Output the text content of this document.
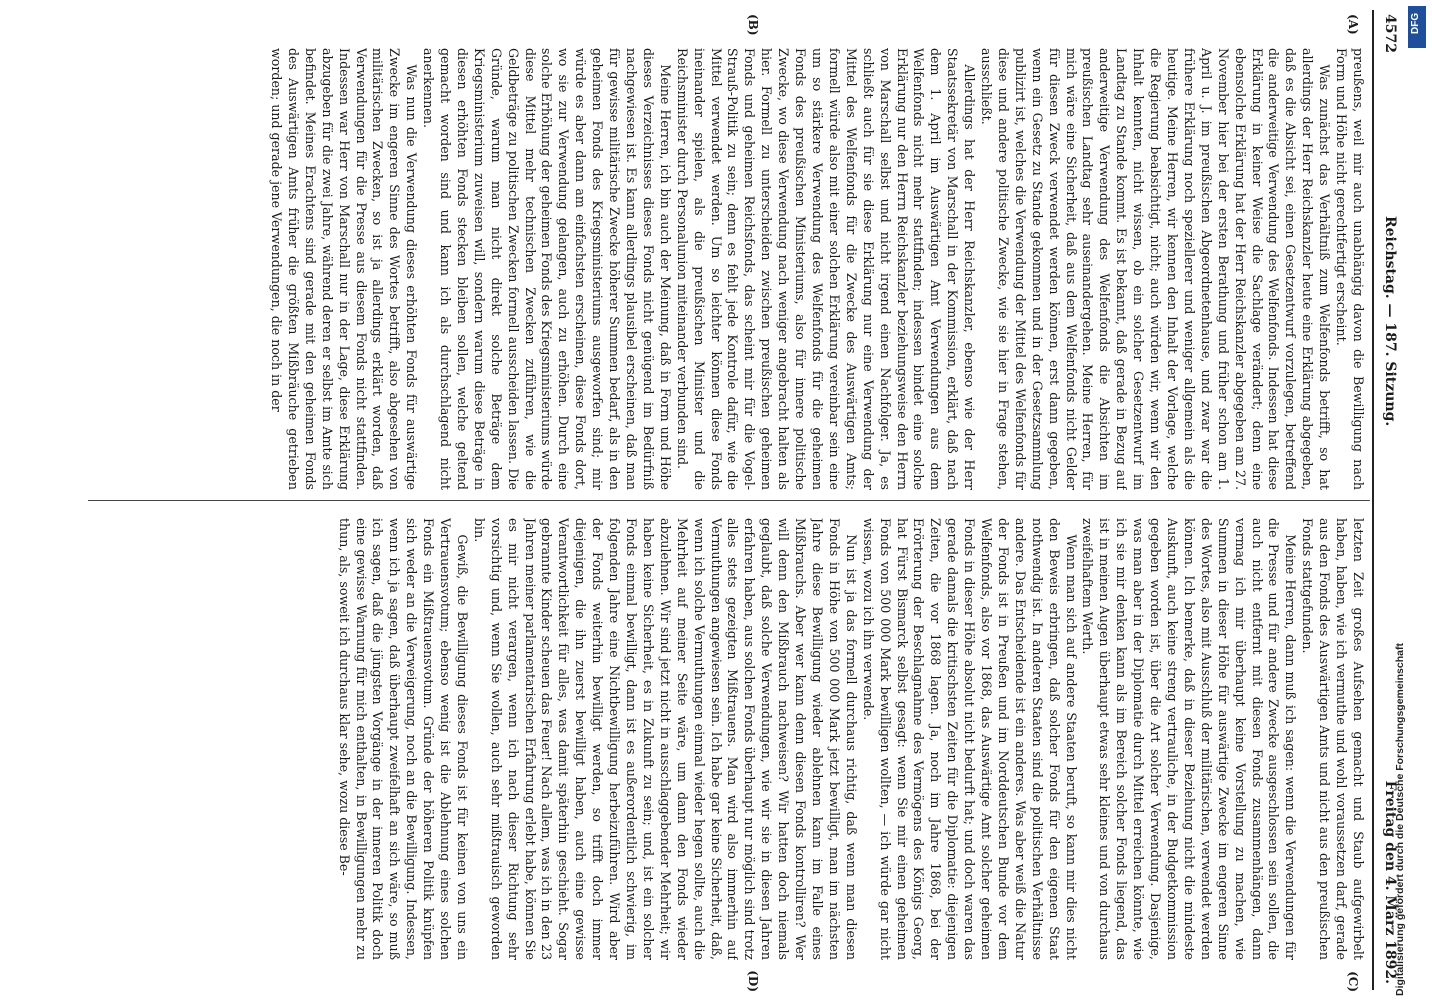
4572
Reichstag. — 187. Sitzung.
Freitag den 4. März 1892.
(A)
(B)
(C)
(D)

preußens, weil mir auch unabhängig davon die Bewilligung nach Form und Höhe nicht gerechtfertigt erscheint.

Was zunächst das Verhältniß zum Welfenfonds betrifft, so hat allerdings der Herr Reichskanzler heute eine Erklärung abgegeben, daß es die Absicht sei, einen Gesetzentwurf vorzulegen, betreffend die anderweitige Verwendung des Welfenfonds. Indessen hat diese Erklärung in keiner Weise die Sachlage verändert; denn eine ebensolche Erklärung hat der Herr Reichskanzler abgegeben am 27. November hier bei der ersten Berathung und früher schon am 1. April u. J. im preußischen Abgeordnetenhause, und zwar war die frühere Erklärung noch speziellerer und weniger allgemein als die heutige. Meine Herren, wir kennen den Inhalt der Vorlage, welche die Regierung beabsichtigt, nicht; auch würden wir, wenn wir den Inhalt kennten, nicht wissen, ob ein solcher Gesetzentwurf im Landtag zu Stande kommt. Es ist bekannt, daß gerade in Bezug auf anderweitige Verwendung des Welfenfonds die Absichten im preußischen Landtag sehr auseinandergehen. Meine Herren, für mich wäre eine Sicherheit, daß aus dem Welfenfonds nicht Gelder für diesen Zweck verwendet werden können, erst dann gegeben, wenn ein Gesetz zu Stande gekommen und in der Gesetzsammlung publizirt ist, welches die Verwendung der Mittel des Welfenfonds für diese und andere politische Zwecke, wie sie hier in Frage stehen, ausschließt.

Allerdings hat der Herr Reichskanzler, ebenso wie der Herr Staatssekretär von Marschall in der Kommission, erklärt, daß nach dem 1. April im Auswärtigen Amt Verwendungen aus dem Welfenfonds nicht mehr stattfinden; indessen bindet eine solche Erklärung nur den Herrn Reichskanzler beziehungsweise den Herrn von Marschall selbst und nicht irgend einen Nachfolger. Ja, es schließt auch für sie diese Erklärung nur eine Verwendung der Mittel des Welfenfonds für die Zwecke des Auswärtigen Amts; formell würde also mit einer solchen Erklärung vereinbar sein eine um so stärkere Verwendung des Welfenfonds für die geheimen Fonds des preußischen Ministeriums, also für innere politische Zwecke, wo diese Verwendung nach weniger angebracht halten als hier. Formell zu unterscheiden zwischen preußischen geheimen Fonds und geheimen Reichsfonds, das scheint mir für die Vogel-Strauß-Politik zu sein; denn es fehlt jede Kontrole dafür, wie die Mittel verwendet werden. Um so leichter können diese Fonds ineinander spielen, als die preußischen Minister und die Reichsminister durch Personalunion miteinander verbunden sind.

Meine Herren, ich bin auch der Meinung, daß in Form und Höhe dieses Verzeichnisses dieses Fonds nicht genügend im Bedürfniß nachgewiesen ist. Es kann allerdings plausibel erscheinen, daß man für gewisse militärische Zwecke höherer Summen bedarf, als in den geheimen Fonds des Kriegsministeriums ausgeworfen sind; mir würde es aber dann am einfachsten erscheinen, diese Fonds dort, wo sie zur Verwendung gelangen, auch zu erhöhen. Durch eine solche Erhöhung der geheimen Fonds des Kriegsministeriums würde diese Mittel mehr technischen Zwecken zuführen, wie die Geldbeträge zu politischen Zwecken formell ausscheiden lassen. Die Gründe, warum man nicht direkt solche Beträge dem Kriegsministerium zuweisen will, sondern warum diese Beträge in diesen erhöhten Fonds stecken bleiben sollen, welche geltend gemacht worden sind und kann ich als durchschlagend nicht anerkennen.

Was nun die Verwendung dieses erhöhten Fonds für auswärtige Zwecke im engeren Sinne des Wortes betrifft, also abgesehen von militärischen Zwecken, so ist ja allerdings erklärt worden, daß Verwendungen für die Presse aus diesem Fonds nicht stattfinden. Indessen war Herr von Marschall nur in der Lage, diese Erklärung abzugeben für die zwei Jahre, während deren er selbst im Amte sich befindet. Meines Erachtens sind gerade mit den geheimen Fonds des Auswärtigen Amts früher die größten Mißbräuche getrieben worden; und gerade jene Verwendungen, die noch in der

letzten Zeit großes Aufsehen gemacht und Staub aufgewirbelt haben, haben, wie ich vermuthe und wohl voraussetzen darf, gerade aus den Fonds des Auswärtigen Amts und nicht aus den preußischen Fonds stattgefunden.

Meine Herren, dann muß ich sagen: wenn die Verwendungen für die Presse und für andere Zwecke ausgeschlossen sein sollen, die auch nicht entfernt mit diesen Fonds zusammenhängen, dann vermag ich mir überhaupt keine Vorstellung zu machen, wie Summen in dieser Höhe für auswärtige Zwecke im engeren Sinne des Wortes, also mit Ausschluß der militärischen, verwendet werden können. Ich bemerke, daß in dieser Beziehung nicht die mindeste Auskunft, auch keine streng vertrauliche, in der Budgetkommission gegeben worden ist, über die Art solcher Verwendung. Dasjenige, was man aber in der Diplomatie durch Mittel erreichen könnte, wie ich sie mir denken kann als im Bereich solcher Fonds liegend, das ist in meinen Augen überhaupt etwas sehr kleines und von durchaus zweifelhaftem Werth.

Wenn man sich auf andere Staaten beruft, so kann mir dies nicht den Beweis erbringen, daß solcher Fonds für den eigenen Staat nothwendig ist. In anderen Staaten sind die politischen Verhältnisse andere. Das Entscheidende ist ein anderes. Was aber weiß die Natur der Fonds ist in Preußen und im Norddeutschen Bunde vor dem Welfenfonds, also vor 1868, das Auswärtige Amt solcher geheimen Fonds in dieser Höhe absolut nicht bedurft hat; und doch waren das gerade damals die kritischsten Zeiten für die Diplomatie: diejenigen Zeiten, die vor 1868 lagen. Ja, noch im Jahre 1868, bei der Erörterung der Beschlagnahme des Vermögens des Königs Georg, hat Fürst Bismarck selbst gesagt: wenn Sie mir einen geheimen Fonds von 500 000 Mark bewilligen wollten, — ich würde gar nicht wissen, wozu ich ihn verwende.

Nun ist ja das formell durchaus richtig, daß wenn man diesen Fonds in Höhe von 500 000 Mark jetzt bewilligt, man im nächsten Jahre diese Bewilligung wieder ablehnen kann im Falle eines Mißbrauchs. Aber wer kann denn diesen Fonds kontrolliren? Wer will denn den Mißbrauch nachweisen? Wir hatten doch niemals geglaubt, daß solche Verwendungen, wie wir sie in diesen Jahren erfahren haben, aus solchen Fonds überhaupt nur möglich sind trotz alles stets gezeigten Mißtrauens. Man wird also immerhin auf Vermuthungen angewiesen sein. Ich habe gar keine Sicherheit, daß, wenn ich solche Vermuthungen einmal wieder hegen sollte, auch die Mehrheit auf meiner Seite wäre, um dann den Fonds wieder abzulehnen. Wir sind jetzt nicht in ausschlaggebender Mehrheit; wir haben keine Sicherheit, es in Zukunft zu sein; und, ist ein solcher Fonds einmal bewilligt, dann ist es außerordentlich schwierig, im folgenden Jahre eine Nichtbewilligung herbeizuführen. Wird aber der Fonds weiterhin bewilligt werden, so trifft doch immer diejenigen, die ihn zuerst bewilligt haben, auch eine gewisse Verantwortlichkeit für alles, was damit späterhin geschieht. Sogar gebrannte Kinder scheuen das Feuer! Nach allem, was ich in den 23 Jahren meiner parlamentarischen Erfahrung erlebt habe, können Sie es mir nicht verargen, wenn ich nach dieser Richtung sehr vorsichtig und, wenn Sie wollen, auch sehr mißtrauisch geworden bin.

Gewiß, die Bewilligung dieses Fonds ist für keinen von uns ein Vertrauensvotum; ebenso wenig ist die Ablehnung eines solchen Fonds ein Mißtrauensvotum. Gründe der höheren Politik knüpfen sich weder an die Verweigerung, noch an die Bewilligung. Indessen, wenn ich ja sagen, daß überhaupt zweifelhaft an sich wäre, so muß ich sagen, daß die jüngsten Vorgänge in der inneren Politik doch eine gewisse Warnung für mich enthalten, in Bewilligungen mehr zu thun, als, soweit ich durchaus klar sehe, wozu diese Be-	Digitalisierung gefördert durch die Deutsche Forschungsgemeinschaft
DFG
